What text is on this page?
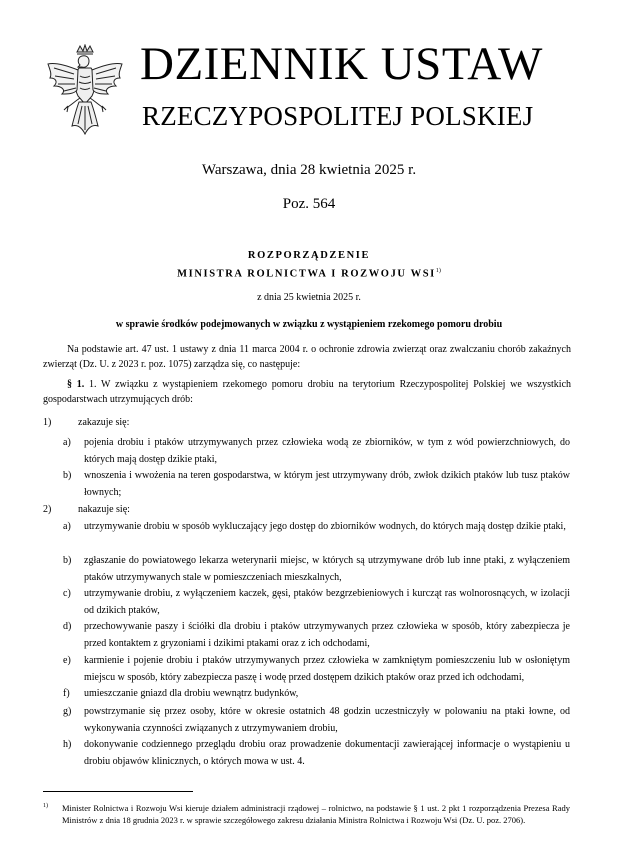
DZIENNIK USTAW
RZECZYPOSPOLITEJ POLSKIEJ
Warszawa, dnia 28 kwietnia 2025 r.
Poz. 564
ROZPORZĄDZENIE
MINISTRA ROLNICTWA I ROZWOJU WSI$^{1)}$
z dnia 25 kwietnia 2025 r.
w sprawie środków podejmowanych w związku z wystąpieniem rzekomego pomoru drobiu
Na podstawie art. 47 ust. 1 ustawy z dnia 11 marca 2004 r. o ochronie zdrowia zwierząt oraz zwalczaniu chorób zakaźnych zwierząt (Dz. U. z 2023 r. poz. 1075) zarządza się, co następuje:
§ 1. 1. W związku z wystąpieniem rzekomego pomoru drobiu na terytorium Rzeczypospolitej Polskiej we wszystkich gospodarstwach utrzymujących drób:
1)	zakazuje się:
a) pojenia drobiu i ptaków utrzymywanych przez człowieka wodą ze zbiorników, w tym z wód powierzchniowych, do których mają dostęp dzikie ptaki,
b) wnoszenia i wwożenia na teren gospodarstwa, w którym jest utrzymywany drób, zwłok dzikich ptaków lub tusz ptaków łownych;
2)	nakazuje się:
a) utrzymywanie drobiu w sposób wykluczający jego dostęp do zbiorników wodnych, do których mają dostęp dzikie ptaki,
b) zgłaszanie do powiatowego lekarza weterynarii miejsc, w których są utrzymywane drób lub inne ptaki, z wyłączeniem ptaków utrzymywanych stale w pomieszczeniach mieszkalnych,
c) utrzymywanie drobiu, z wyłączeniem kaczek, gęsi, ptaków bezgrzebieniowych i kurcząt ras wolnorosnących, w izolacji od dzikich ptaków,
d) przechowywanie paszy i ściółki dla drobiu i ptaków utrzymywanych przez człowieka w sposób, który zabezpiecza je przed kontaktem z gryzoniami i dzikimi ptakami oraz z ich odchodami,
e) karmienie i pojenie drobiu i ptaków utrzymywanych przez człowieka w zamkniętym pomieszczeniu lub w osłoniętym miejscu w sposób, który zabezpiecza paszę i wodę przed dostępem dzikich ptaków oraz przed ich odchodami,
f) umieszczanie gniazd dla drobiu wewnątrz budynków,
g) powstrzymanie się przez osoby, które w okresie ostatnich 48 godzin uczestniczyły w polowaniu na ptaki łowne, od wykonywania czynności związanych z utrzymywaniem drobiu,
h) dokonywanie codziennego przeglądu drobiu oraz prowadzenie dokumentacji zawierającej informacje o wystąpieniu u drobiu objawów klinicznych, o których mowa w ust. 4.
1) Minister Rolnictwa i Rozwoju Wsi kieruje działem administracji rządowej – rolnictwo, na podstawie § 1 ust. 2 pkt 1 rozporządzenia Prezesa Rady Ministrów z dnia 18 grudnia 2023 r. w sprawie szczegółowego zakresu działania Ministra Rolnictwa i Rozwoju Wsi (Dz. U. poz. 2706).
